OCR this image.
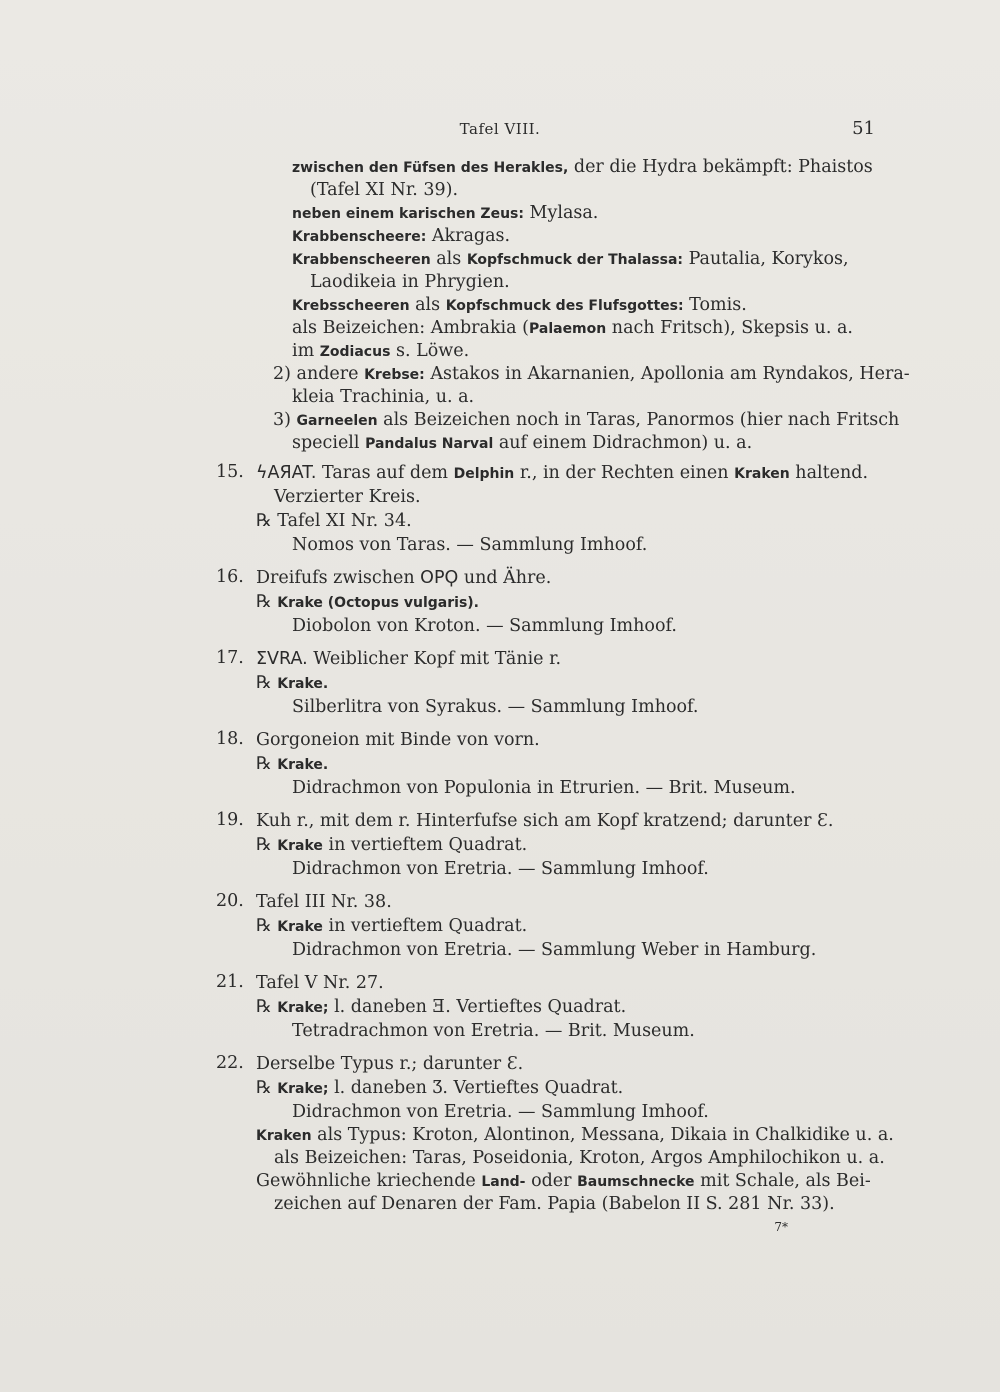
Tafel VIII.	51
zwischen den Füfsen des Herakles, der die Hydra bekämpft: Phaistos
(Tafel XI Nr. 39).
neben einem karischen Zeus: Mylasa.
Krabbenscheere: Akragas.
Krabbenscheeren als Kopfschmuck der Thalassa: Pautalia, Korykos,
Laodikeia in Phrygien.
Krebsscheeren als Kopfschmuck des Flufsgottes: Tomis.
als Beizeichen: Ambrakia (Palaemon nach Fritsch), Skepsis u. a.
im Zodiacus s. Löwe.
2) andere Krebse: Astakos in Akarnanien, Apollonia am Ryndakos, Hera-
kleia Trachinia, u. a.
3) Garneelen als Beizeichen noch in Taras, Panormos (hier nach Fritsch
speciell Pandalus Narval auf einem Didrachmon) u. a.
15. ϟAЯAT. Taras auf dem Delphin r., in der Rechten einen Kraken haltend.
Verzierter Kreis.
℞ Tafel XI Nr. 34.
Nomos von Taras. — Sammlung Imhoof.
16. Dreifufs zwischen ΟΡϘ und Ähre.
℞ Krake (Octopus vulgaris).
Diobolon von Kroton. — Sammlung Imhoof.
17. ΣVRA. Weiblicher Kopf mit Tänie r.
℞ Krake.
Silberlitra von Syrakus. — Sammlung Imhoof.
18. Gorgoneion mit Binde von vorn.
℞ Krake.
Didrachmon von Populonia in Etrurien. — Brit. Museum.
19. Kuh r., mit dem r. Hinterfufse sich am Kopf kratzend; darunter Ɛ.
℞ Krake in vertieftem Quadrat.
Didrachmon von Eretria. — Sammlung Imhoof.
20. Tafel III Nr. 38.
℞ Krake in vertieftem Quadrat.
Didrachmon von Eretria. — Sammlung Weber in Hamburg.
21. Tafel V Nr. 27.
℞ Krake; l. daneben Ǝ. Vertieftes Quadrat.
Tetradrachmon von Eretria. — Brit. Museum.
22. Derselbe Typus r.; darunter Ɛ.
℞ Krake; l. daneben Ʒ. Vertieftes Quadrat.
Didrachmon von Eretria. — Sammlung Imhoof.
Kraken als Typus: Kroton, Alontinon, Messana, Dikaia in Chalkidike u. a.
als Beizeichen: Taras, Poseidonia, Kroton, Argos Amphilochikon u. a.
Gewöhnliche kriechende Land- oder Baumschnecke mit Schale, als Bei-
zeichen auf Denaren der Fam. Papia (Babelon II S. 281 Nr. 33).
7*
